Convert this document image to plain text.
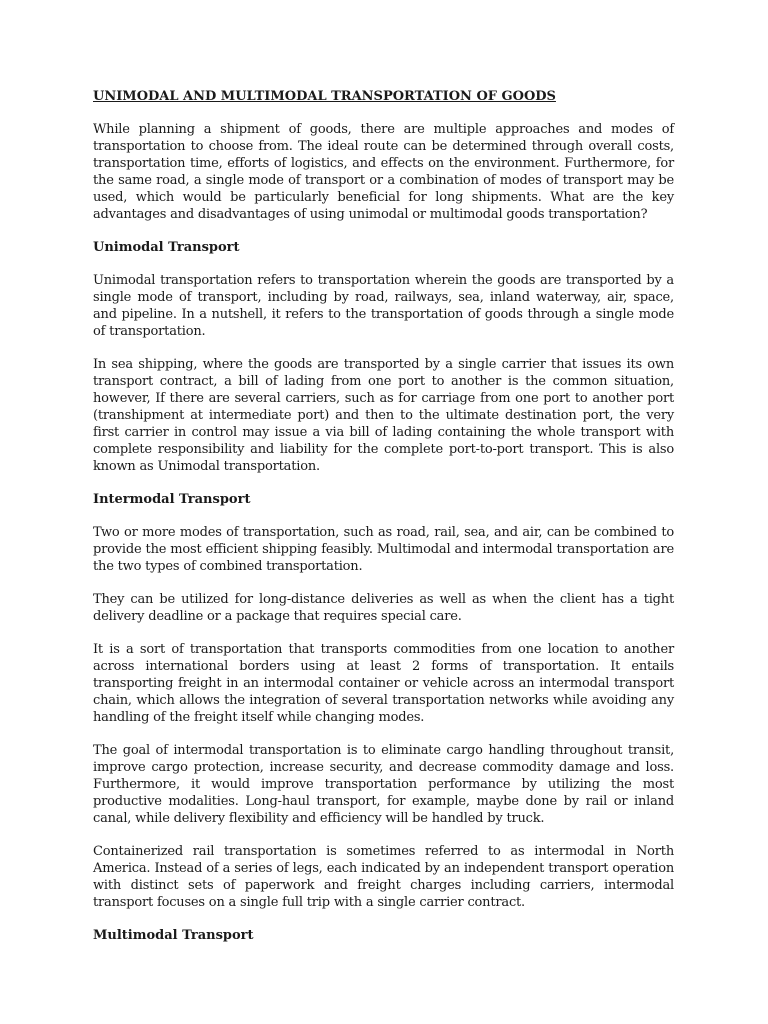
UNIMODAL AND MULTIMODAL TRANSPORTATION OF GOODS

While planning a shipment of goods, there are multiple approaches and modes of transportation to choose from. The ideal route can be determined through overall costs, transportation time, efforts of logistics, and effects on the environment. Furthermore, for the same road, a single mode of transport or a combination of modes of transport may be used, which would be particularly beneficial for long shipments. What are the key advantages and disadvantages of using unimodal or multimodal goods transportation?

Unimodal Transport

Unimodal transportation refers to transportation wherein the goods are transported by a single mode of transport, including by road, railways, sea, inland waterway, air, space, and pipeline. In a nutshell, it refers to the transportation of goods through a single mode of transportation.

In sea shipping, where the goods are transported by a single carrier that issues its own transport contract, a bill of lading from one port to another is the common situation, however, If there are several carriers, such as for carriage from one port to another port (transhipment at intermediate port) and then to the ultimate destination port, the very first carrier in control may issue a via bill of lading containing the whole transport with complete responsibility and liability for the complete port-to-port transport. This is also known as Unimodal transportation.

Intermodal Transport

Two or more modes of transportation, such as road, rail, sea, and air, can be combined to provide the most efficient shipping feasibly. Multimodal and intermodal transportation are the two types of combined transportation.

They can be utilized for long-distance deliveries as well as when the client has a tight delivery deadline or a package that requires special care.

It is a sort of transportation that transports commodities from one location to another across international borders using at least 2 forms of transportation. It entails transporting freight in an intermodal container or vehicle across an intermodal transport chain, which allows the integration of several transportation networks while avoiding any handling of the freight itself while changing modes.

The goal of intermodal transportation is to eliminate cargo handling throughout transit, improve cargo protection, increase security, and decrease commodity damage and loss. Furthermore, it would improve transportation performance by utilizing the most productive modalities. Long-haul transport, for example, maybe done by rail or inland canal, while delivery flexibility and efficiency will be handled by truck.

Containerized rail transportation is sometimes referred to as intermodal in North America. Instead of a series of legs, each indicated by an independent transport operation with distinct sets of paperwork and freight charges including carriers, intermodal transport focuses on a single full trip with a single carrier contract.

Multimodal Transport
